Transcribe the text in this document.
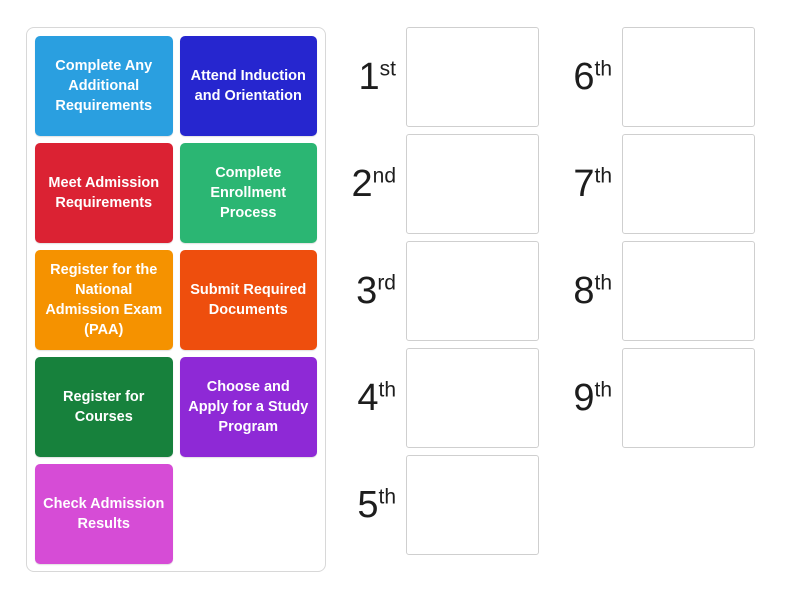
Complete Any Additional Requirements
Attend Induction and Orientation
Meet Admission Requirements
Complete Enrollment Process
Register for the National Admission Exam (PAA)
Submit Required Documents
Register for Courses
Choose and Apply for a Study Program
Check Admission Results
1st
2nd
3rd
4th
5th
6th
7th
8th
9th
